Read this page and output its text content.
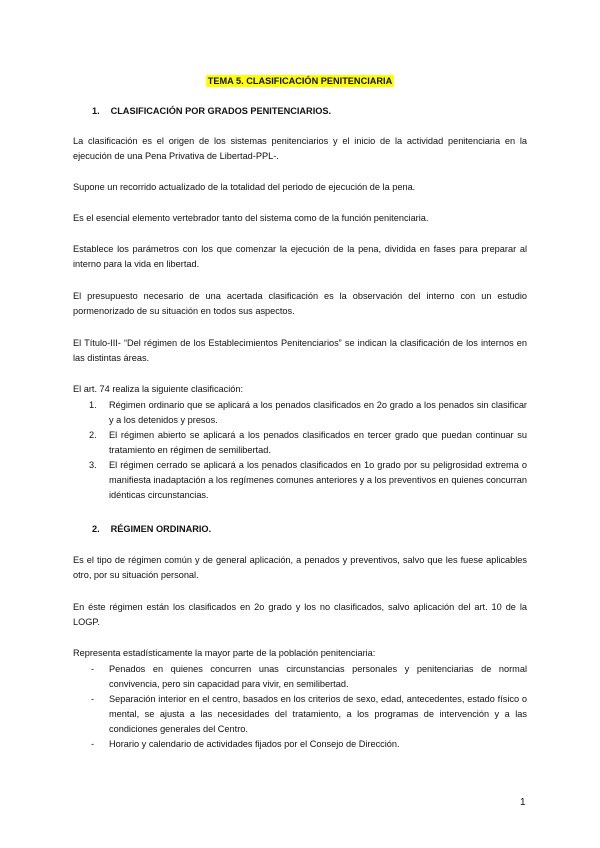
TEMA 5. CLASIFICACIÓN PENITENCIARIA
1. CLASIFICACIÓN POR GRADOS PENITENCIARIOS.
La clasificación es el origen de los sistemas penitenciarios y el inicio de la actividad penitenciaria en la ejecución de una Pena Privativa de Libertad-PPL-.
Supone un recorrido actualizado de la totalidad del periodo de ejecución de la pena.
Es el esencial elemento vertebrador tanto del sistema como de la función penitenciaria.
Establece los parámetros con los que comenzar la ejecución de la pena, dividida en fases para preparar al interno para la vida en libertad.
El presupuesto necesario de una acertada clasificación es la observación del interno con un estudio pormenorizado de su situación en todos sus aspectos.
El Título-III- “Del régimen de los Establecimientos Penitenciarios” se indican la clasificación de los internos en las distintas áreas.
El art. 74 realiza la siguiente clasificación:
1. Régimen ordinario que se aplicará a los penados clasificados en 2o grado a los penados sin clasificar y a los detenidos y presos.
2. El régimen abierto se aplicará a los penados clasificados en tercer grado que puedan continuar su tratamiento en régimen de semilibertad.
3. El régimen cerrado se aplicará a los penados clasificados en 1o grado por su peligrosidad extrema o manifiesta inadaptación a los regímenes comunes anteriores y a los preventivos en quienes concurran idénticas circunstancias.
2. RÉGIMEN ORDINARIO.
Es el tipo de régimen común y de general aplicación, a penados y preventivos, salvo que les fuese aplicables otro, por su situación personal.
En éste régimen están los clasificados en 2o grado y los no clasificados, salvo aplicación del art. 10 de la LOGP.
Representa estadísticamente la mayor parte de la población penitenciaria:
- Penados en quienes concurren unas circunstancias personales y penitenciarias de normal convivencia, pero sin capacidad para vivir, en semilibertad.
- Separación interior en el centro, basados en los criterios de sexo, edad, antecedentes, estado físico o mental, se ajusta a las necesidades del tratamiento, a los programas de intervención y a las condiciones generales del Centro.
- Horario y calendario de actividades fijados por el Consejo de Dirección.
1
